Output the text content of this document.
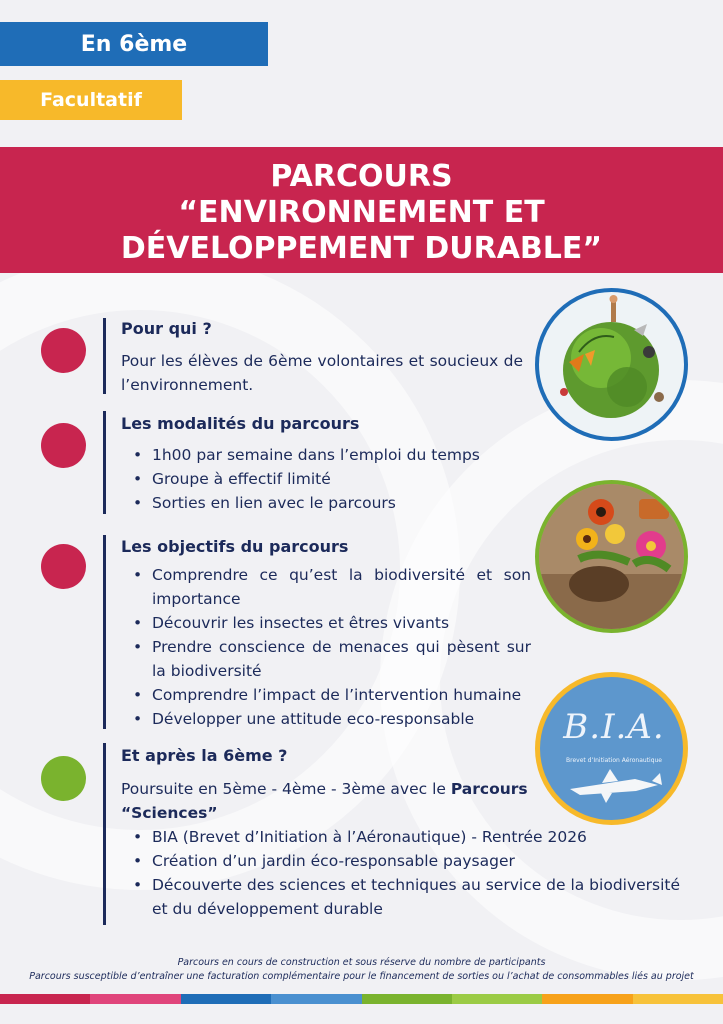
En 6ème
Facultatif
PARCOURS
“ENVIRONNEMENT ET
DÉVELOPPEMENT DURABLE”
Pour qui ?
Pour les élèves de 6ème volontaires et soucieux de l’environnement.
Les modalités du parcours
• 1h00 par semaine dans l’emploi du temps
• Groupe à effectif limité
• Sorties en lien avec le parcours
Les objectifs du parcours
• Comprendre ce qu’est la biodiversité et son importance
• Découvrir les insectes et êtres vivants
• Prendre conscience de menaces qui pèsent sur la biodiversité
• Comprendre l’impact de l’intervention humaine
• Développer une attitude eco-responsable
Et après la 6ème ?
Poursuite en 5ème - 4ème - 3ème avec le Parcours “Sciences”
• BIA (Brevet d’Initiation à l’Aéronautique) - Rentrée 2026
• Création d’un jardin éco-responsable paysager
• Découverte des sciences et techniques au service de la biodiversité et du développement durable
B.I.A.
Brevet d’Initiation Aéronautique
Parcours en cours de construction et sous réserve du nombre de participants
Parcours susceptible d’entraîner une facturation complémentaire pour le financement de sorties ou l’achat de consommables liés au projet
